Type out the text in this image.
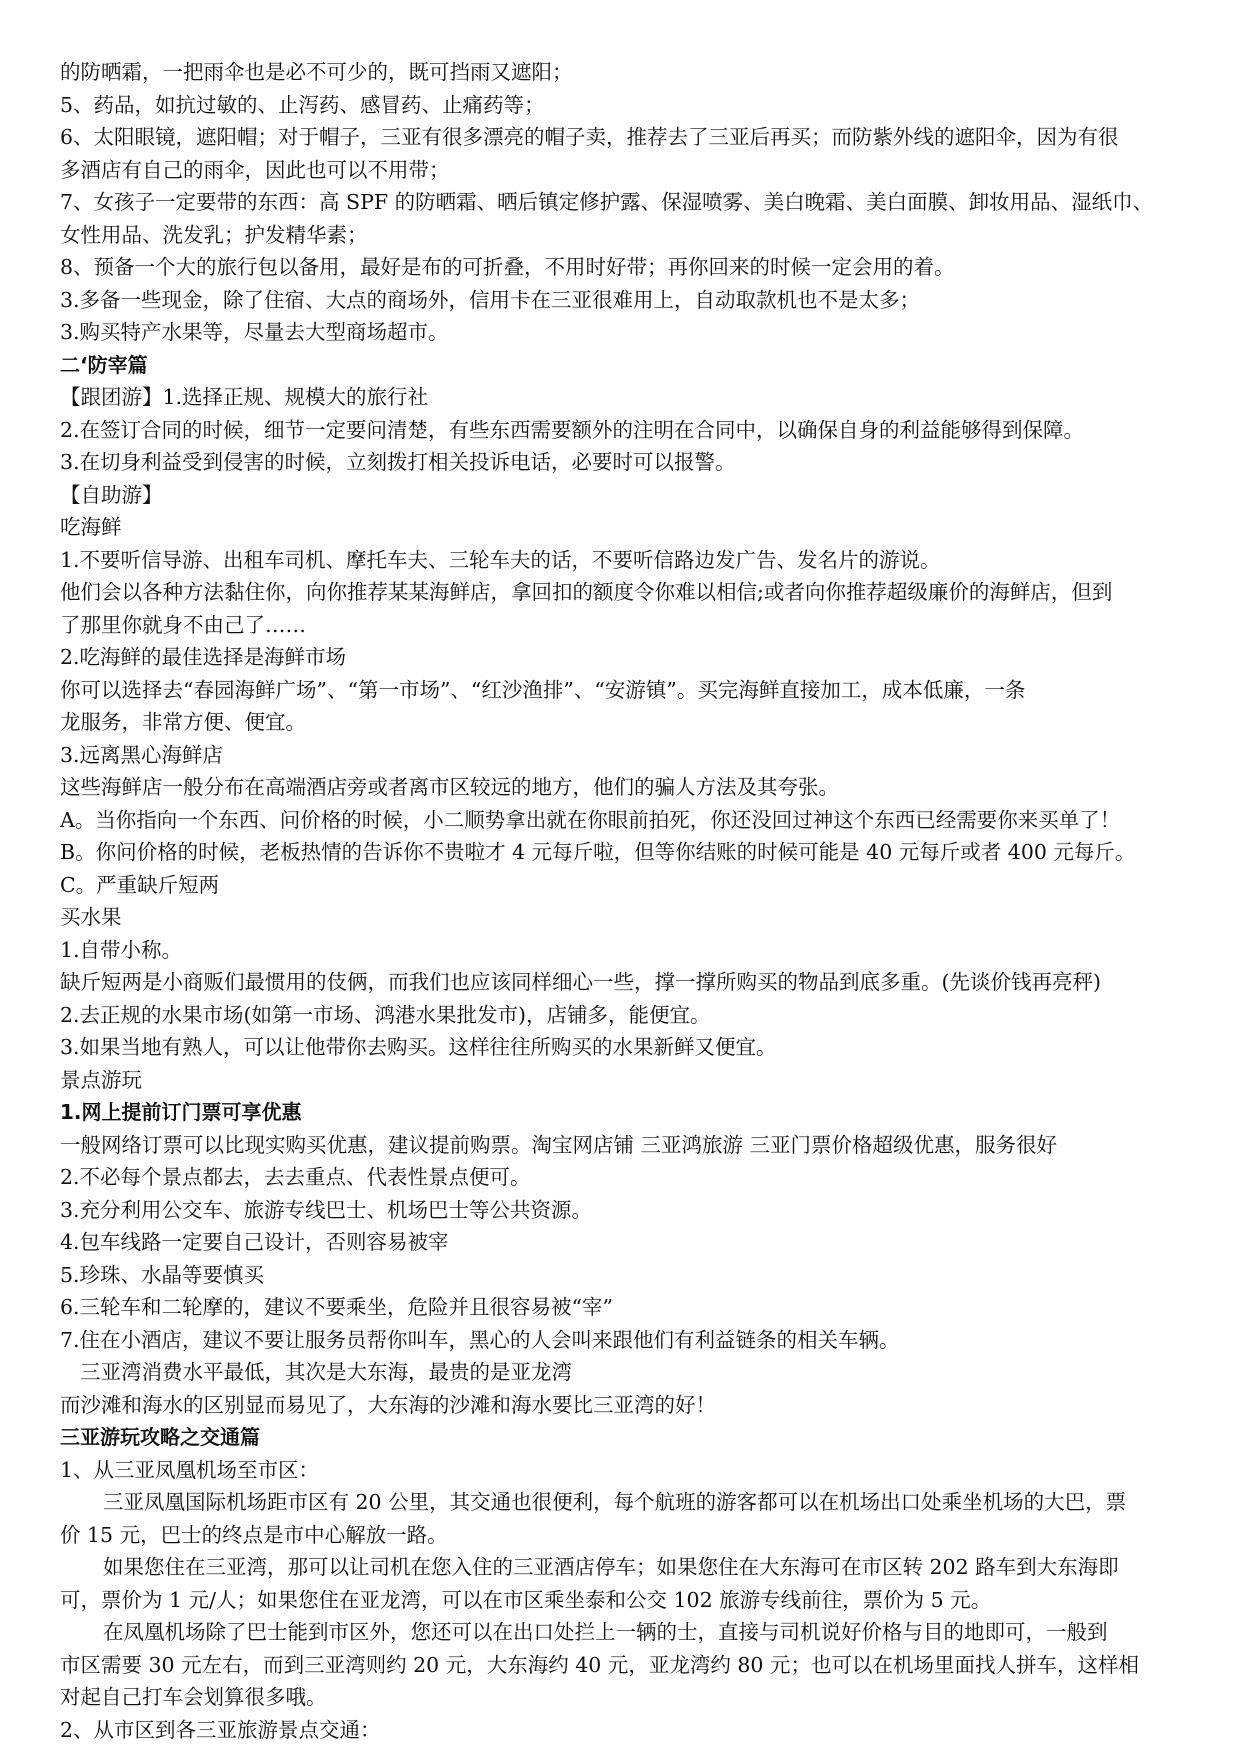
的防晒霜，一把雨伞也是必不可少的，既可挡雨又遮阳；
5、药品，如抗过敏的、止泻药、感冒药、止痛药等；
6、太阳眼镜，遮阳帽；对于帽子，三亚有很多漂亮的帽子卖，推荐去了三亚后再买；而防紫外线的遮阳伞，因为有很
多酒店有自己的雨伞，因此也可以不用带；
7、女孩子一定要带的东西：高 SPF 的防晒霜、晒后镇定修护露、保湿喷雾、美白晚霜、美白面膜、卸妆用品、湿纸巾、
女性用品、洗发乳；护发精华素；
8、预备一个大的旅行包以备用，最好是布的可折叠，不用时好带；再你回来的时候一定会用的着。
3.多备一些现金，除了住宿、大点的商场外，信用卡在三亚很难用上，自动取款机也不是太多；
3.购买特产水果等，尽量去大型商场超市。
二‘防宰篇
【跟团游】1.选择正规、规模大的旅行社
2.在签订合同的时候，细节一定要问清楚，有些东西需要额外的注明在合同中，以确保自身的利益能够得到保障。
3.在切身利益受到侵害的时候，立刻拨打相关投诉电话，必要时可以报警。
【自助游】
吃海鲜
1.不要听信导游、出租车司机、摩托车夫、三轮车夫的话，不要听信路边发广告、发名片的游说。
他们会以各种方法黏住你，向你推荐某某海鲜店，拿回扣的额度令你难以相信;或者向你推荐超级廉价的海鲜店，但到
了那里你就身不由己了……
2.吃海鲜的最佳选择是海鲜市场
你可以选择去“春园海鲜广场”、“第一市场”、“红沙渔排”、“安游镇”。买完海鲜直接加工，成本低廉，一条
龙服务，非常方便、便宜。
3.远离黑心海鲜店
这些海鲜店一般分布在高端酒店旁或者离市区较远的地方，他们的骗人方法及其夸张。
A。当你指向一个东西、问价格的时候，小二顺势拿出就在你眼前拍死，你还没回过神这个东西已经需要你来买单了！
B。你问价格的时候，老板热情的告诉你不贵啦才 4 元每斤啦，但等你结账的时候可能是 40 元每斤或者 400 元每斤。
C。严重缺斤短两
买水果
1.自带小称。
缺斤短两是小商贩们最惯用的伎俩，而我们也应该同样细心一些，撑一撑所购买的物品到底多重。(先谈价钱再亮秤)
2.去正规的水果市场(如第一市场、鸿港水果批发市)，店铺多，能便宜。
3.如果当地有熟人，可以让他带你去购买。这样往往所购买的水果新鲜又便宜。
景点游玩
1.网上提前订门票可享优惠
一般网络订票可以比现实购买优惠，建议提前购票。淘宝网店铺 三亚鸿旅游 三亚门票价格超级优惠，服务很好
2.不必每个景点都去，去去重点、代表性景点便可。
3.充分利用公交车、旅游专线巴士、机场巴士等公共资源。
4.包车线路一定要自己设计，否则容易被宰
5.珍珠、水晶等要慎买
6.三轮车和二轮摩的，建议不要乘坐，危险并且很容易被“宰”
7.住在小酒店，建议不要让服务员帮你叫车，黑心的人会叫来跟他们有利益链条的相关车辆。
三亚湾消费水平最低，其次是大东海，最贵的是亚龙湾
而沙滩和海水的区别显而易见了，大东海的沙滩和海水要比三亚湾的好！
三亚游玩攻略之交通篇
1、从三亚凤凰机场至市区：
三亚凤凰国际机场距市区有 20 公里，其交通也很便利，每个航班的游客都可以在机场出口处乘坐机场的大巴，票
价 15 元，巴士的终点是市中心解放一路。
如果您住在三亚湾，那可以让司机在您入住的三亚酒店停车；如果您住在大东海可在市区转 202 路车到大东海即
可，票价为 1 元/人；如果您住在亚龙湾，可以在市区乘坐泰和公交 102 旅游专线前往，票价为 5 元。
在凤凰机场除了巴士能到市区外，您还可以在出口处拦上一辆的士，直接与司机说好价格与目的地即可，一般到
市区需要 30 元左右，而到三亚湾则约 20 元，大东海约 40 元，亚龙湾约 80 元；也可以在机场里面找人拼车，这样相
对起自己打车会划算很多哦。
2、从市区到各三亚旅游景点交通：
